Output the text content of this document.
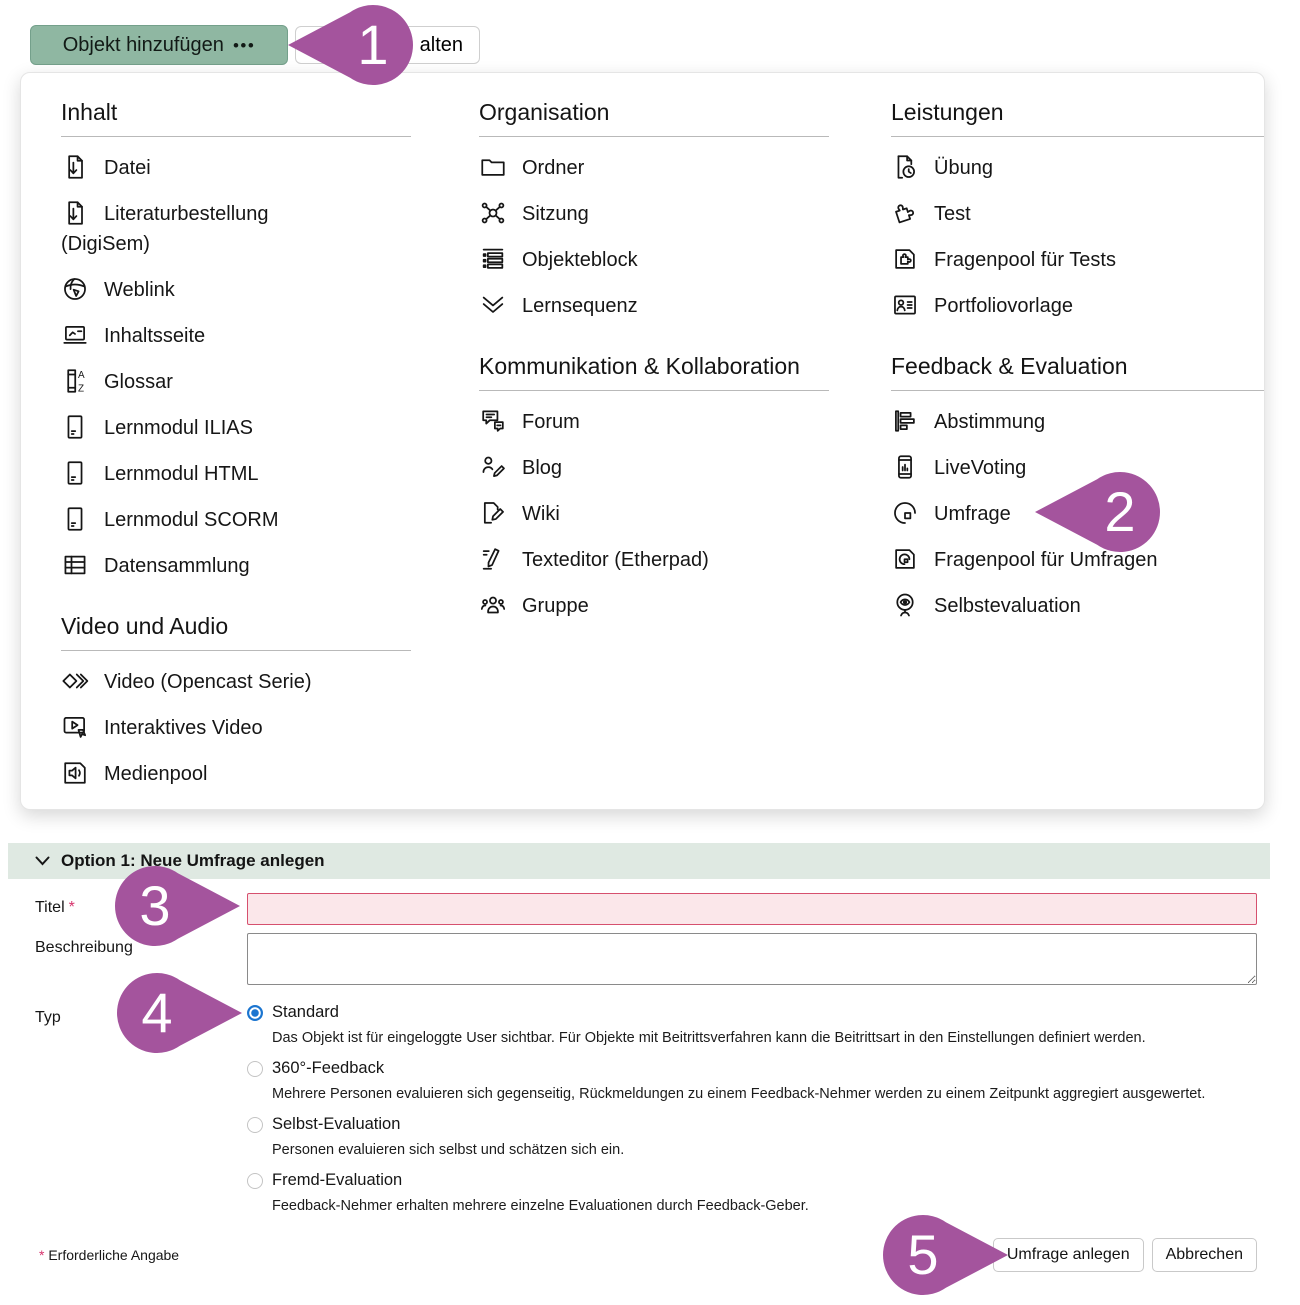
Objekt hinzufügen •••	alten
Inhalt
Datei
Literaturbestellung
(DigiSem)
Weblink
Inhaltsseite
A
Z Glossar
Lernmodul ILIAS
Lernmodul HTML
Lernmodul SCORM
Datensammlung
Video und Audio
Video (Opencast Serie)
Interaktives Video
Medienpool
Organisation
Ordner
Sitzung
Objekteblock
Lernsequenz
Kommunikation & Kollaboration
Forum
Blog
Wiki
Texteditor (Etherpad)
Gruppe
Leistungen
Übung
Test
Fragenpool für Tests
Portfoliovorlage
Feedback & Evaluation
Abstimmung
LiveVoting
Umfrage
Fragenpool für Umfragen
Selbstevaluation
Option 1: Neue Umfrage anlegen
Titel *
Beschreibung
Typ	Standard
Das Objekt ist für eingeloggte User sichtbar. Für Objekte mit Beitrittsverfahren kann die Beitrittsart in den Einstellungen definiert werden.
360°-Feedback
Mehrere Personen evaluieren sich gegenseitig, Rückmeldungen zu einem Feedback-Nehmer werden zu einem Zeitpunkt aggregiert ausgewertet.
Selbst-Evaluation
Personen evaluieren sich selbst und schätzen sich ein.
Fremd-Evaluation
Feedback-Nehmer erhalten mehrere einzelne Evaluationen durch Feedback-Geber.
* Erforderliche Angabe	Umfrage anlegen	Abbrechen
1
2
3
4
5
